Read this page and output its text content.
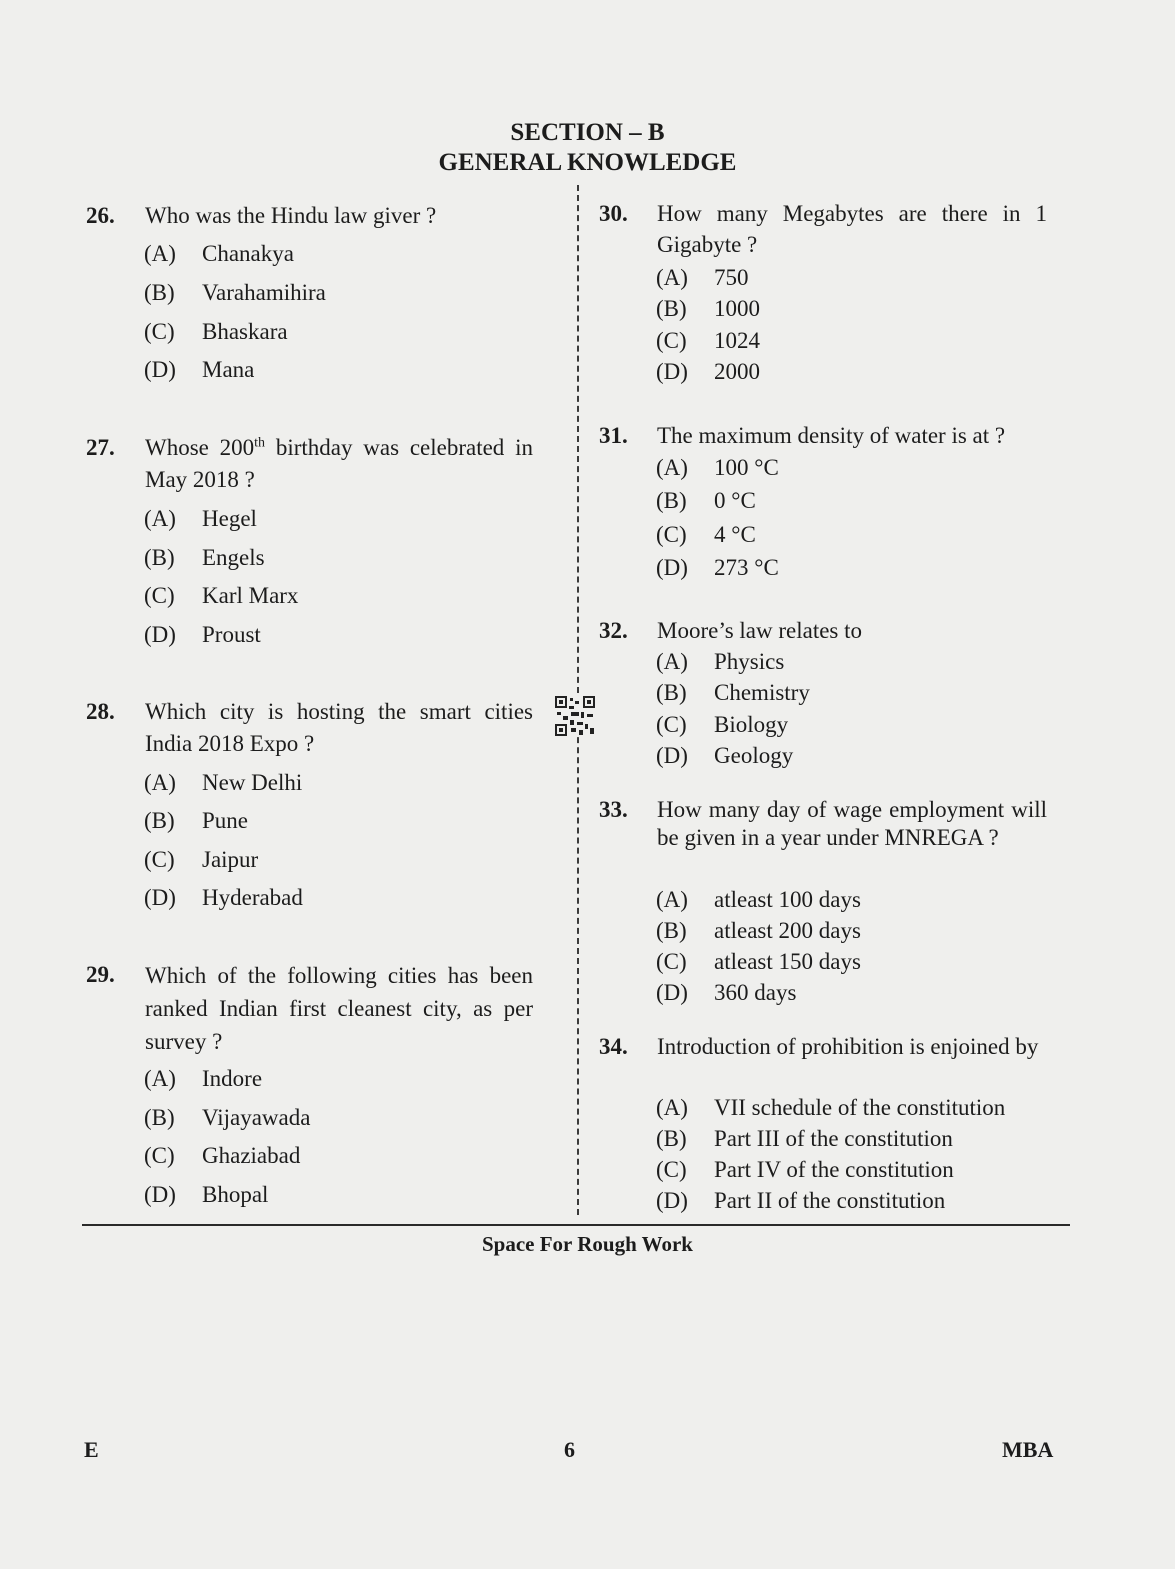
SECTION – B
GENERAL KNOWLEDGE
26. Who was the Hindu law giver ?
(A) Chanakya
(B) Varahamihira
(C) Bhaskara
(D) Mana
27. Whose 200th birthday was celebrated in May 2018 ?
(A) Hegel
(B) Engels
(C) Karl Marx
(D) Proust
28. Which city is hosting the smart cities India 2018 Expo ?
(A) New Delhi
(B) Pune
(C) Jaipur
(D) Hyderabad
29. Which of the following cities has been ranked Indian first cleanest city, as per survey ?
(A) Indore
(B) Vijayawada
(C) Ghaziabad
(D) Bhopal
30. How many Megabytes are there in 1 Gigabyte ?
(A) 750
(B) 1000
(C) 1024
(D) 2000
31. The maximum density of water is at ?
(A) 100 °C
(B) 0 °C
(C) 4 °C
(D) 273 °C
32. Moore’s law relates to
(A) Physics
(B) Chemistry
(C) Biology
(D) Geology
33. How many day of wage employment will be given in a year under MNREGA ?
(A) atleast 100 days
(B) atleast 200 days
(C) atleast 150 days
(D) 360 days
34. Introduction of prohibition is enjoined by
(A) VII schedule of the constitution
(B) Part III of the constitution
(C) Part IV of the constitution
(D) Part II of the constitution
Space For Rough Work
E	6	MBA
